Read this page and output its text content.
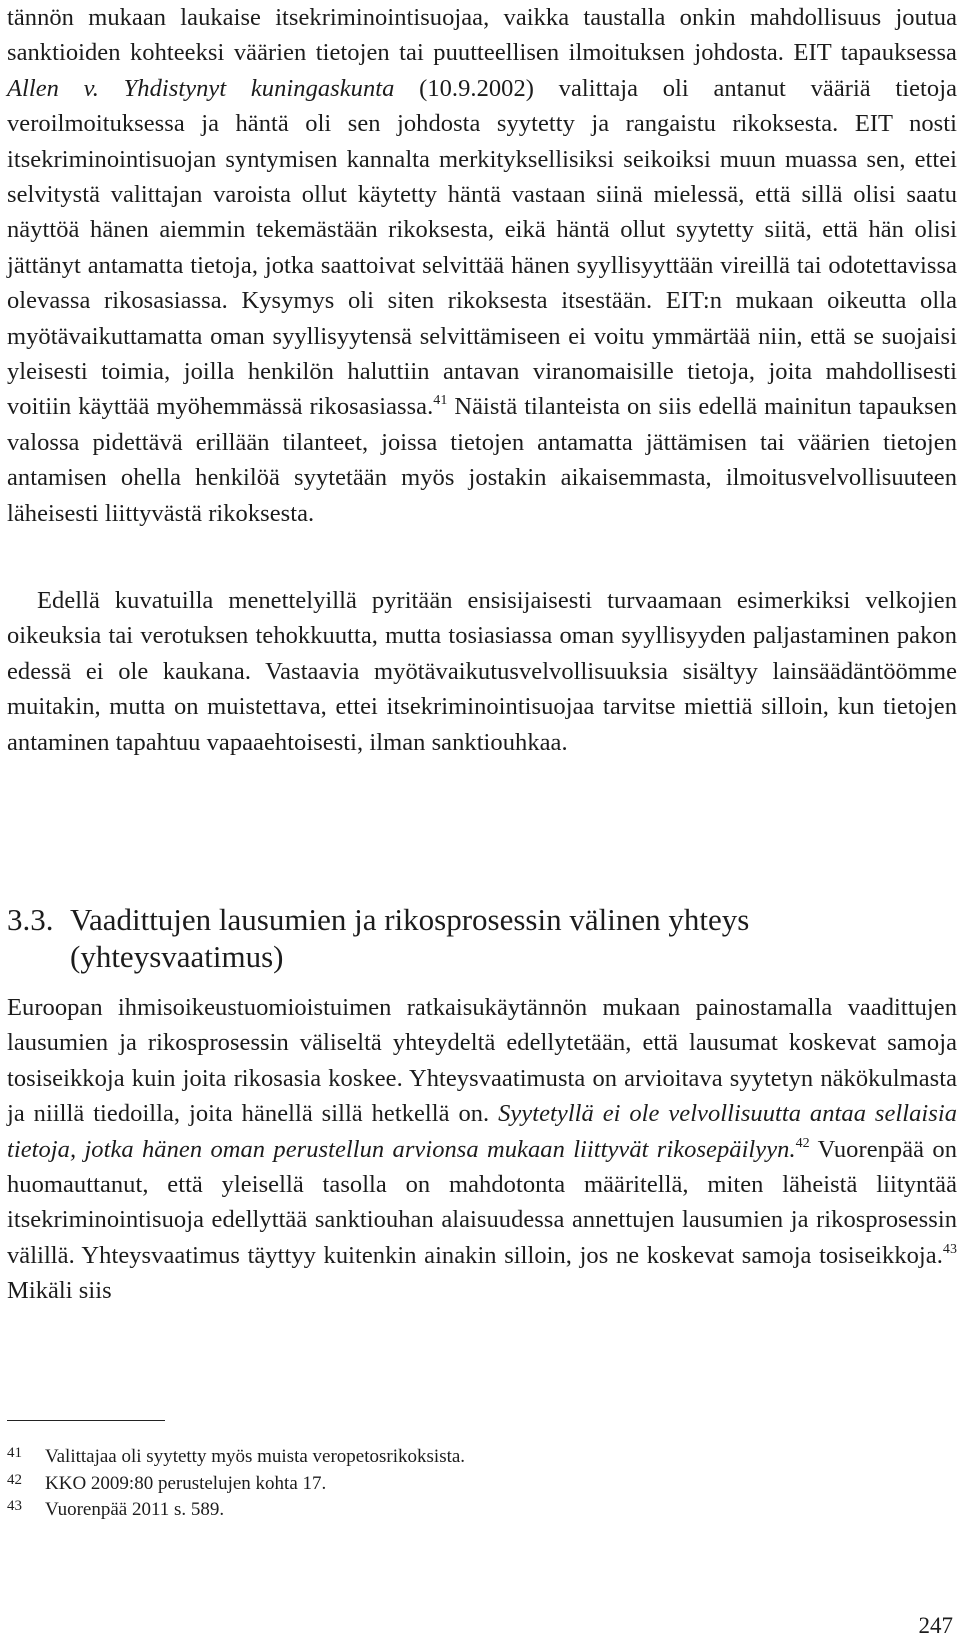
tännön mukaan laukaise itsekriminointisuojaa, vaikka taustalla onkin mahdollisuus joutua sanktioiden kohteeksi väärien tietojen tai puutteellisen ilmoituksen johdosta. EIT tapauksessa Allen v. Yhdistynyt kuningaskunta (10.9.2002) valittaja oli antanut vääriä tietoja veroilmoituksessa ja häntä oli sen johdosta syytetty ja rangaistu rikoksesta. EIT nosti itsekriminointisuojan syntymisen kannalta merkityksellisiksi seikoiksi muun muassa sen, ettei selvitystä valittajan varoista ollut käytetty häntä vastaan siinä mielessä, että sillä olisi saatu näyttöä hänen aiemmin tekemästään rikoksesta, eikä häntä ollut syytetty siitä, että hän olisi jättänyt antamatta tietoja, jotka saattoivat selvittää hänen syyllisyyttään vireillä tai odotettavissa olevassa rikosasiassa. Kysymys oli siten rikoksesta itsestään. EIT:n mukaan oikeutta olla myötävaikuttamatta oman syyllisyytensä selvittämiseen ei voitu ymmärtää niin, että se suojaisi yleisesti toimia, joilla henkilön haluttiin antavan viranomaisille tietoja, joita mahdollisesti voitiin käyttää myöhemmässä rikosasiassa.$^{41}$ Näistä tilanteista on siis edellä mainitun tapauksen valossa pidettävä erillään tilanteet, joissa tietojen antamatta jättämisen tai väärien tietojen antamisen ohella henkilöä syytetään myös jostakin aikaisemmasta, ilmoitusvelvollisuuteen läheisesti liittyvästä rikoksesta.

Edellä kuvatuilla menettelyillä pyritään ensisijaisesti turvaamaan esimerkiksi velkojien oikeuksia tai verotuksen tehokkuutta, mutta tosiasiassa oman syyllisyyden paljastaminen pakon edessä ei ole kaukana. Vastaavia myötävaikutusvelvollisuuksia sisältyy lainsäädäntöömme muitakin, mutta on muistettava, ettei itsekriminointisuojaa tarvitse miettiä silloin, kun tietojen antaminen tapahtuu vapaaehtoisesti, ilman sanktiouhkaa.

3.3. Vaadittujen lausumien ja rikosprosessin välinen yhteys (yhteysvaatimus)

Euroopan ihmisoikeustuomioistuimen ratkaisukäytännön mukaan painostamalla vaadittujen lausumien ja rikosprosessin väliseltä yhteydeltä edellytetään, että lausumat koskevat samoja tosiseikkoja kuin joita rikosasia koskee. Yhteysvaatimusta on arvioitava syytetyn näkökulmasta ja niillä tiedoilla, joita hänellä sillä hetkellä on. Syytetyllä ei ole velvollisuutta antaa sellaisia tietoja, jotka hänen oman perustellun arvionsa mukaan liittyvät rikosepäilyyn.$^{42}$ Vuorenpää on huomauttanut, että yleisellä tasolla on mahdotonta määritellä, miten läheistä liityntää itsekriminointisuoja edellyttää sanktiouhan alaisuudessa annettujen lausumien ja rikosprosessin välillä. Yhteysvaatimus täyttyy kuitenkin ainakin silloin, jos ne koskevat samoja tosiseikkoja.$^{43}$ Mikäli siis

41 Valittajaa oli syytetty myös muista veropetosrikoksista.
42 KKO 2009:80 perustelujen kohta 17.
43 Vuorenpää 2011 s. 589.
247
